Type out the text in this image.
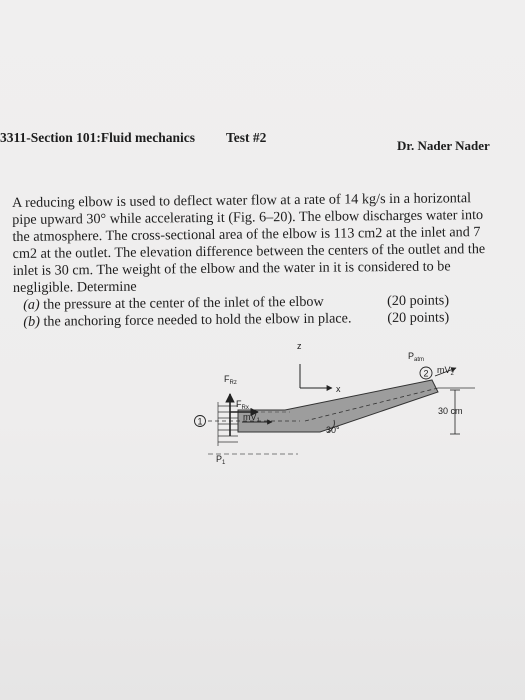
3311-Section 101:Fluid mechanics Test #2
Dr. Nader Nader

A reducing elbow is used to deflect water flow at a rate of 14 kg/s in a horizontal pipe upward 30° while accelerating it (Fig. 6–20). The elbow discharges water into the atmosphere. The cross-sectional area of the elbow is 113 cm2 at the inlet and 7 cm2 at the outlet. The elevation difference between the centers of the outlet and the inlet is 30 cm. The weight of the elbow and the water in it is considered to be negligible. Determine

(a) the pressure at the center of the inlet of the elbow	(20 points)

(b) the anchoring force needed to hold the elbow in place.	(20 points)

z
x
$F_{Rz}$
$F_{Rx}$
$mV_1$
1
$P_1$
$P_{atm}$
2 $mV_2$
30 cm
30°
